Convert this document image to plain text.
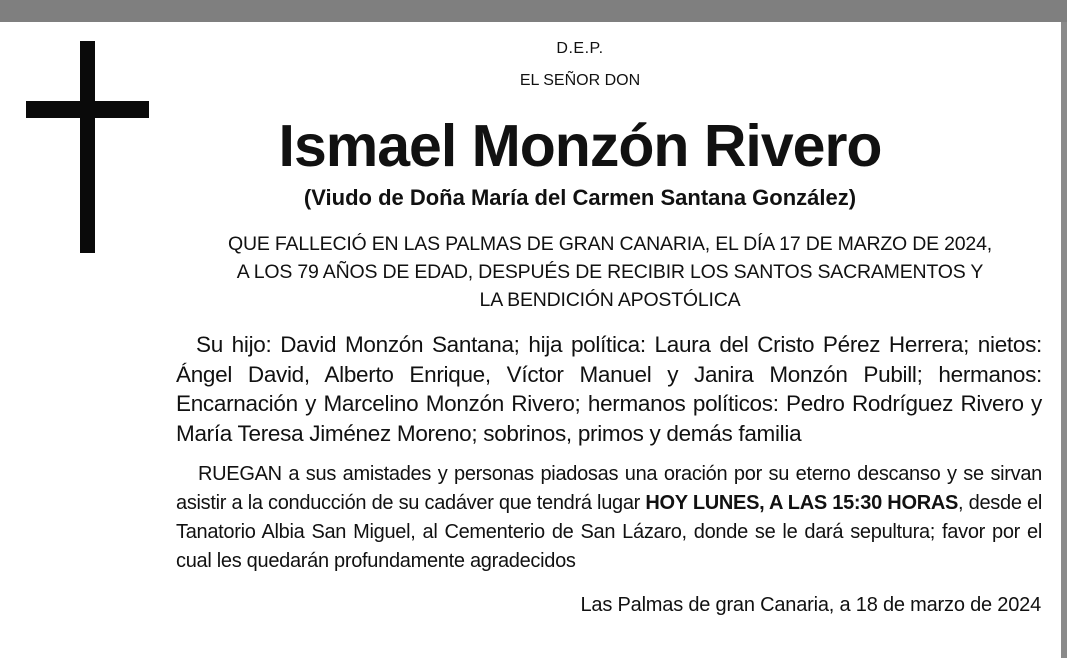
D.E.P.
EL SEÑOR DON
Ismael Monzón Rivero
(Viudo de Doña María del Carmen Santana González)
QUE FALLECIÓ EN LAS PALMAS DE GRAN CANARIA, EL DÍA 17 DE MARZO DE 2024,
A LOS 79 AÑOS DE EDAD, DESPUÉS DE RECIBIR LOS SANTOS SACRAMENTOS Y
LA BENDICIÓN APOSTÓLICA
Su hijo: David Monzón Santana; hija política: Laura del Cristo Pérez Herrera; nietos: Ángel David, Alberto Enrique, Víctor Manuel y Janira Monzón Pubill; hermanos: Encarnación y Marcelino Monzón Rivero; hermanos políticos: Pedro Rodríguez Rivero y María Teresa Jiménez Moreno; sobrinos, primos y demás familia
RUEGAN a sus amistades y personas piadosas una oración por su eterno descanso y se sirvan asistir a la conducción de su cadáver que tendrá lugar HOY LUNES, A LAS 15:30 HORAS, desde el Tanatorio Albia San Miguel, al Cementerio de San Lázaro, donde se le dará sepultura; favor por el cual les quedarán profundamente agradecidos
Las Palmas de gran Canaria, a 18 de marzo de 2024
